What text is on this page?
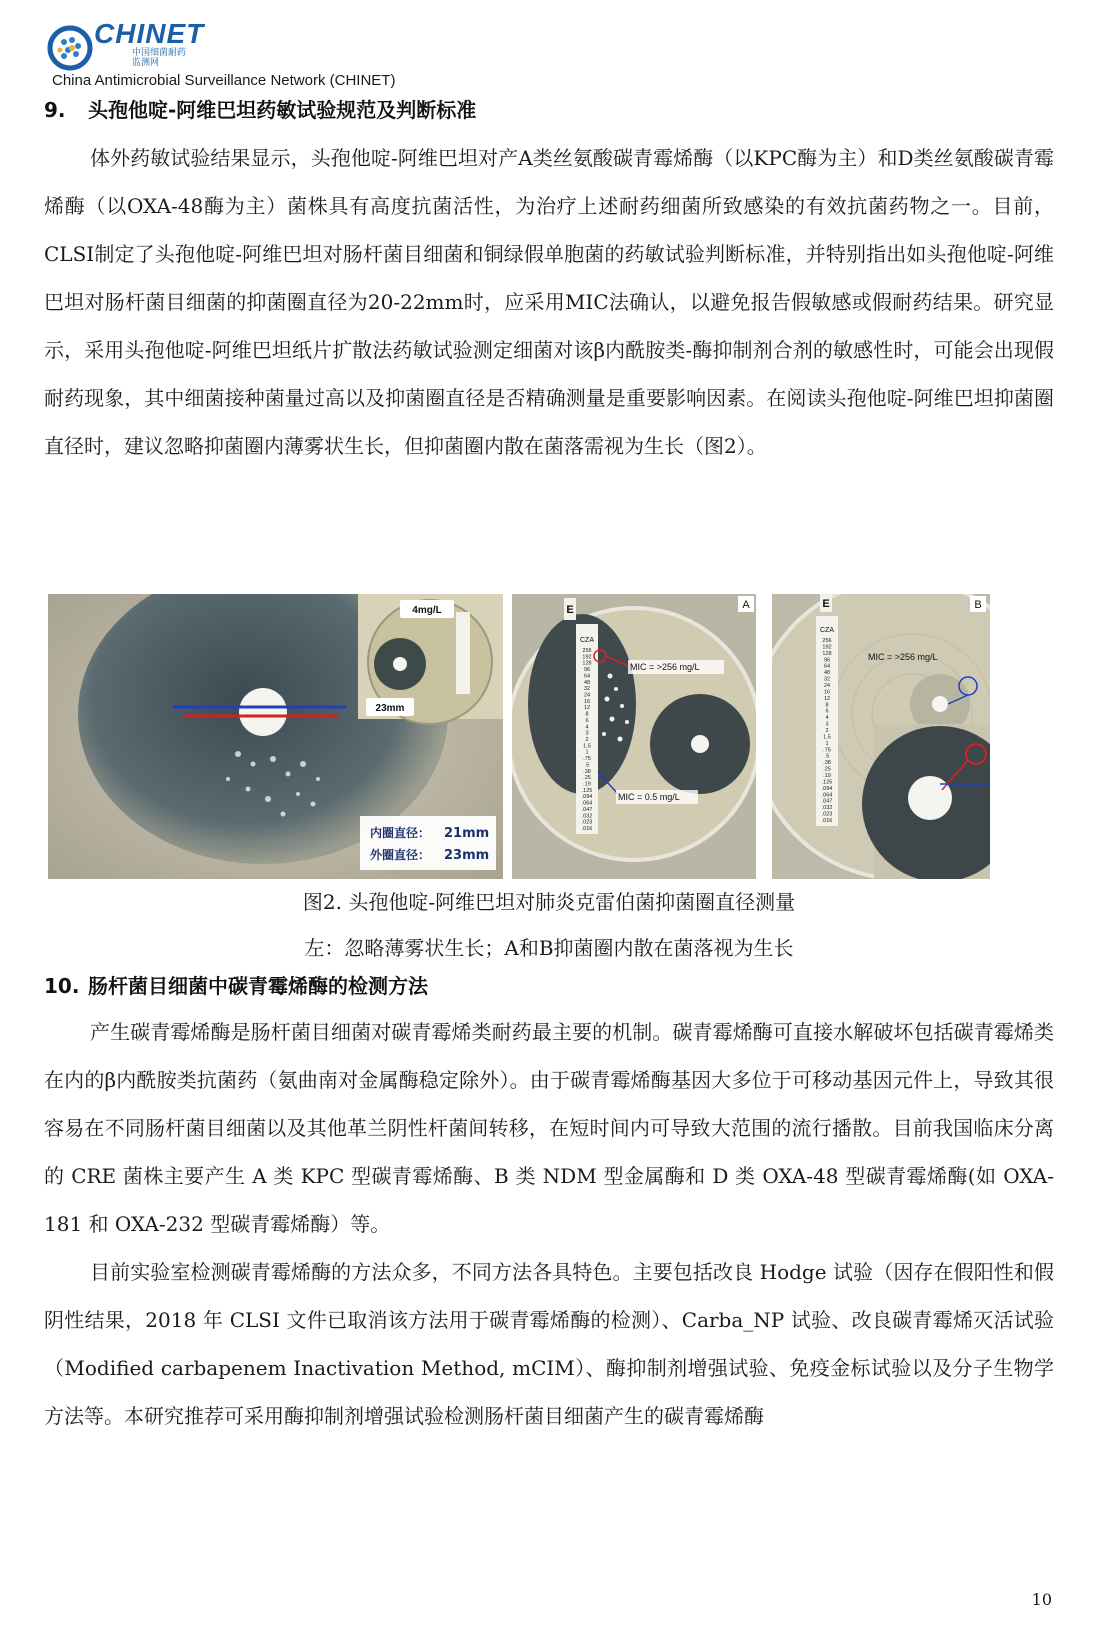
CHINET
中国细菌耐药监测网
China Antimicrobial Surveillance Network (CHINET)
9. 头孢他啶-阿维巴坦药敏试验规范及判断标准

体外药敏试验结果显示，头孢他啶-阿维巴坦对产A类丝氨酸碳青霉烯酶（以KPC酶为主）和D类丝氨酸碳青霉烯酶（以OXA-48酶为主）菌株具有高度抗菌活性，为治疗上述耐药细菌所致感染的有效抗菌药物之一。目前，CLSI制定了头孢他啶-阿维巴坦对肠杆菌目细菌和铜绿假单胞菌的药敏试验判断标准，并特别指出如头孢他啶-阿维巴坦对肠杆菌目细菌的抑菌圈直径为20-22mm时，应采用MIC法确认，以避免报告假敏感或假耐药结果。研究显示，采用头孢他啶-阿维巴坦纸片扩散法药敏试验测定细菌对该β内酰胺类-酶抑制剂合剂的敏感性时，可能会出现假耐药现象，其中细菌接种菌量过高以及抑菌圈直径是否精确测量是重要影响因素。在阅读头孢他啶-阿维巴坦抑菌圈直径时，建议忽略抑菌圈内薄雾状生长，但抑菌圈内散在菌落需视为生长（图2）。

4mg/L
23mm
内圈直径： 21mm
外圈直径： 23mm
E
CZA
256
192
128
96
64
48
32
24
16
12
8
6
4
3
2
1.5
1
.75
.5
.38
.25
.19
.125
.094
.064
.047
.032
.023
.016
A
MIC = >256 mg/L
MIC = 0.5 mg/L
E
CZA
256
192
128
96
64
48
32
24
16
12
8
6
4
3
2
1.5
1
.75
.5
.38
.25
.19
.125
.094
.064
.047
.032
.023
.016
B
MIC = >256 mg/L
图2. 头孢他啶-阿维巴坦对肺炎克雷伯菌抑菌圈直径测量
左：忽略薄雾状生长；A和B抑菌圈内散在菌落视为生长
10. 肠杆菌目细菌中碳青霉烯酶的检测方法

产生碳青霉烯酶是肠杆菌目细菌对碳青霉烯类耐药最主要的机制。碳青霉烯酶可直接水解破坏包括碳青霉烯类在内的β内酰胺类抗菌药（氨曲南对金属酶稳定除外）。由于碳青霉烯酶基因大多位于可移动基因元件上，导致其很容易在不同肠杆菌目细菌以及其他革兰阴性杆菌间转移，在短时间内可导致大范围的流行播散。目前我国临床分离的 CRE 菌株主要产生 A 类 KPC 型碳青霉烯酶、B 类 NDM 型金属酶和 D 类 OXA-48 型碳青霉烯酶(如 OXA-181 和 OXA-232 型碳青霉烯酶）等。

目前实验室检测碳青霉烯酶的方法众多，不同方法各具特色。主要包括改良 Hodge 试验（因存在假阳性和假阴性结果，2018 年 CLSI 文件已取消该方法用于碳青霉烯酶的检测）、Carba_NP 试验、改良碳青霉烯灭活试验（Modified carbapenem Inactivation Method, mCIM）、酶抑制剂增强试验、免疫金标试验以及分子生物学方法等。本研究推荐可采用酶抑制剂增强试验检测肠杆菌目细菌产生的碳青霉烯酶

10
